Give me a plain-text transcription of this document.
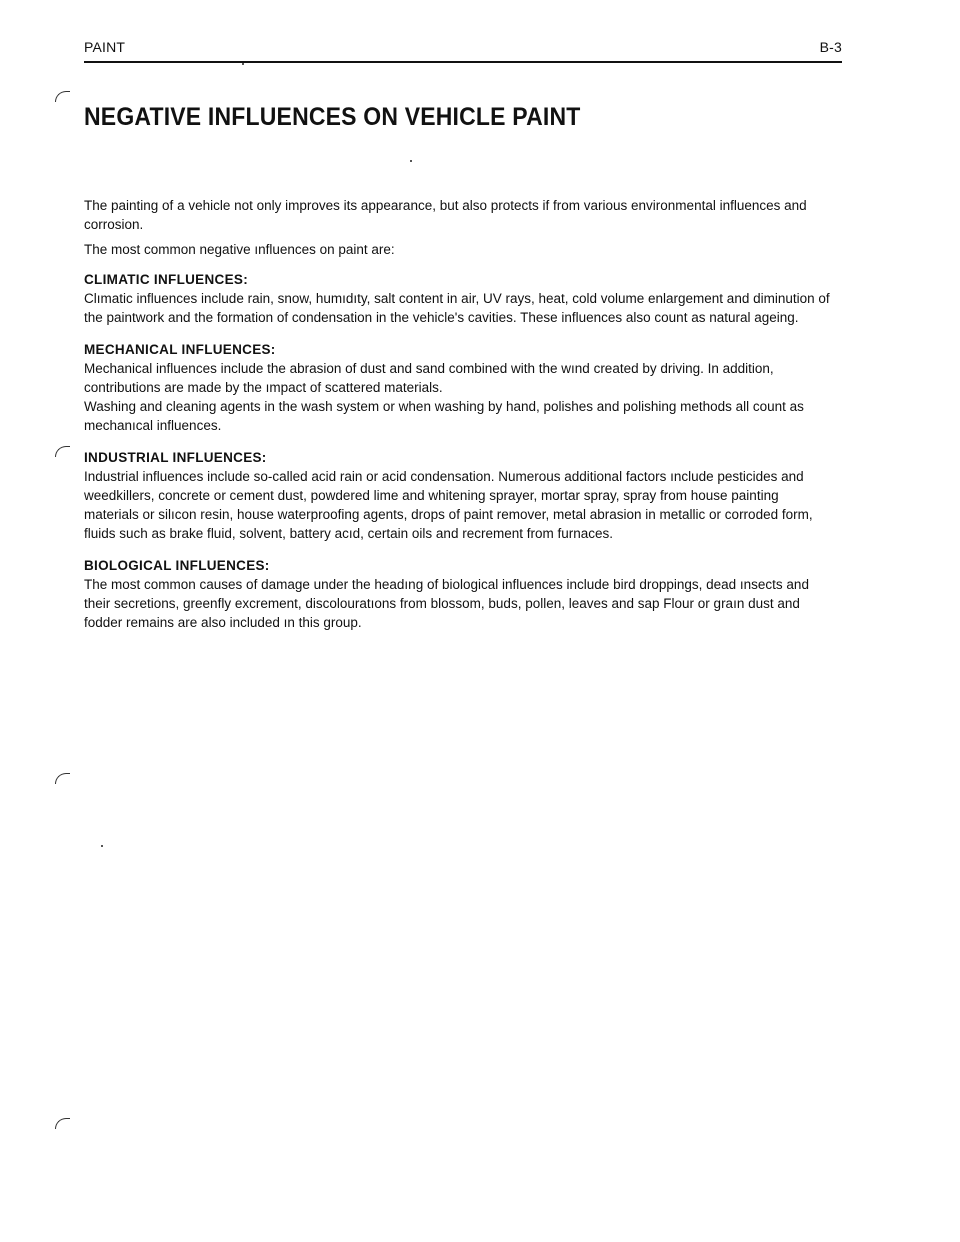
PAINT	B-3
NEGATIVE INFLUENCES ON VEHICLE PAINT

The painting of a vehicle not only improves its appearance, but also protects if from various environmental influences and corrosion.

The most common negative ınfluences on paint are:

CLIMATIC INFLUENCES:

Clımatic influences include rain, snow, humıdıty, salt content in air, UV rays, heat, cold volume enlargement and diminution of the paintwork and the formation of condensation in the vehicle's cavities. These influences also count as natural ageing.

MECHANICAL INFLUENCES:

Mechanical influences include the abrasion of dust and sand combined with the wınd created by driving. In addition, contributions are made by the ımpact of scattered materials.

Washing and cleaning agents in the wash system or when washing by hand, polishes and polishing methods all count as mechanıcal influences.

INDUSTRIAL INFLUENCES:

Industrial influences include so-called acid rain or acid condensation. Numerous additional factors ınclude pesticides and weedkillers, concrete or cement dust, powdered lime and whitening sprayer, mortar spray, spray from house painting materials or silıcon resin, house waterproofing agents, drops of paint remover, metal abrasion in metallic or corroded form, fluids such as brake fluid, solvent, battery acıd, certain oils and recrement from furnaces.

BIOLOGICAL INFLUENCES:

The most common causes of damage under the headıng of biological influences include bird droppings, dead ınsects and their secretions, greenfly excrement, discolouratıons from blossom, buds, pollen, leaves and sap Flour or graın dust and fodder remains are also included ın this group.
